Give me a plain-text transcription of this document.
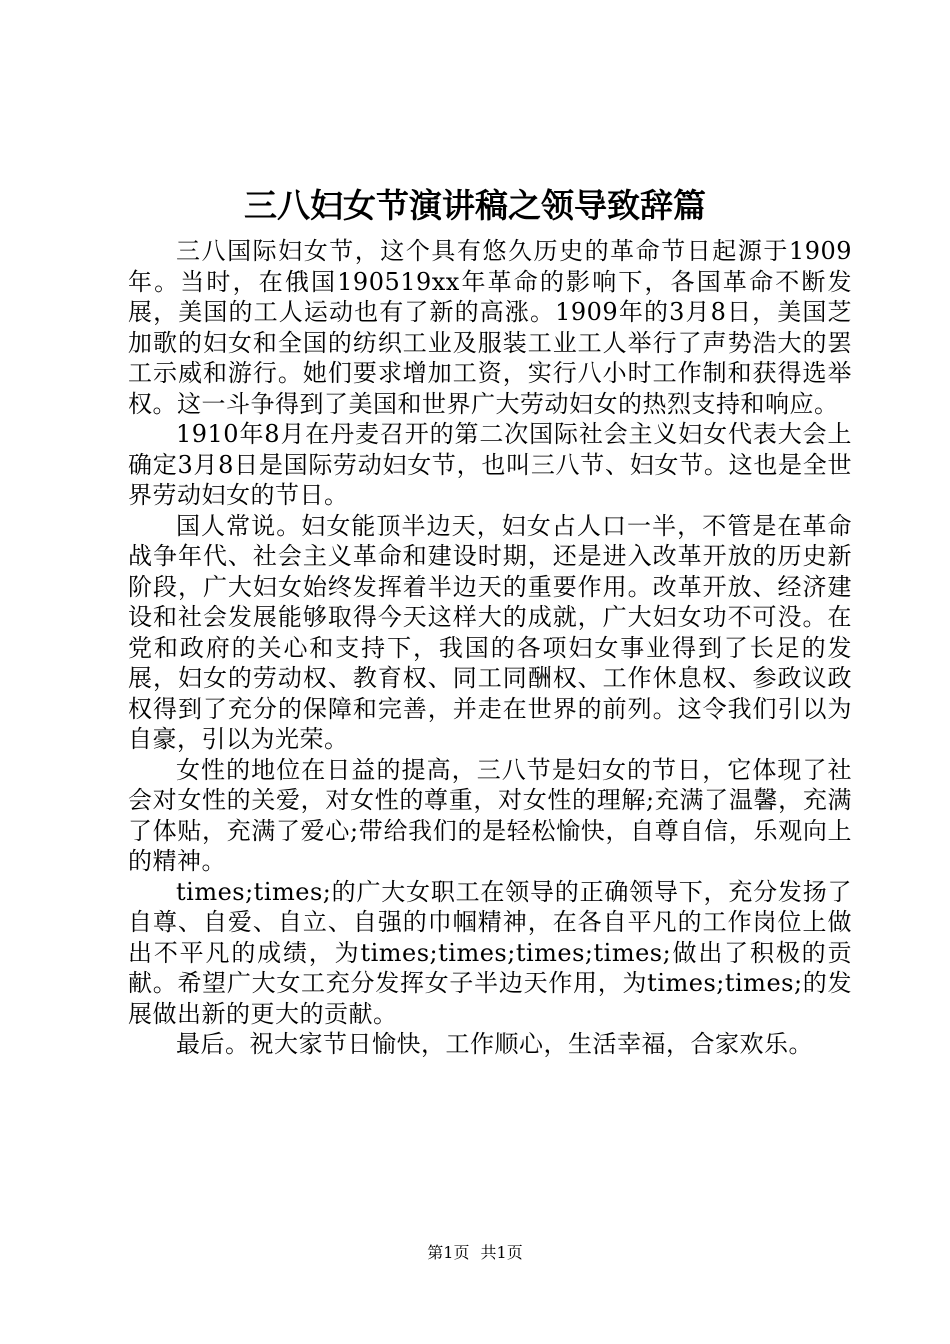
三八妇女节演讲稿之领导致辞篇

三八国际妇女节，这个具有悠久历史的革命节日起源于1909年。当时，在俄国190519xx年革命的影响下，各国革命不断发展，美国的工人运动也有了新的高涨。1909年的3月8日，美国芝加歌的妇女和全国的纺织工业及服装工业工人举行了声势浩大的罢工示威和游行。她们要求增加工资，实行八小时工作制和获得选举权。这一斗争得到了美国和世界广大劳动妇女的热烈支持和响应。

1910年8月在丹麦召开的第二次国际社会主义妇女代表大会上确定3月8日是国际劳动妇女节，也叫三八节、妇女节。这也是全世界劳动妇女的节日。

国人常说。妇女能顶半边天，妇女占人口一半，不管是在革命战争年代、社会主义革命和建设时期，还是进入改革开放的历史新阶段，广大妇女始终发挥着半边天的重要作用。改革开放、经济建设和社会发展能够取得今天这样大的成就，广大妇女功不可没。在党和政府的关心和支持下，我国的各项妇女事业得到了长足的发展，妇女的劳动权、教育权、同工同酬权、工作休息权、参政议政权得到了充分的保障和完善，并走在世界的前列。这令我们引以为自豪，引以为光荣。

女性的地位在日益的提高，三八节是妇女的节日，它体现了社会对女性的关爱，对女性的尊重，对女性的理解;充满了温馨，充满了体贴，充满了爱心;带给我们的是轻松愉快，自尊自信，乐观向上的精神。

times;times;的广大女职工在领导的正确领导下，充分发扬了自尊、自爱、自立、自强的巾帼精神，在各自平凡的工作岗位上做出不平凡的成绩，为times;times;times;times;做出了积极的贡献。希望广大女工充分发挥女子半边天作用，为times;times;的发展做出新的更大的贡献。

最后。祝大家节日愉快，工作顺心，生活幸福，合家欢乐。

第1页 共1页
